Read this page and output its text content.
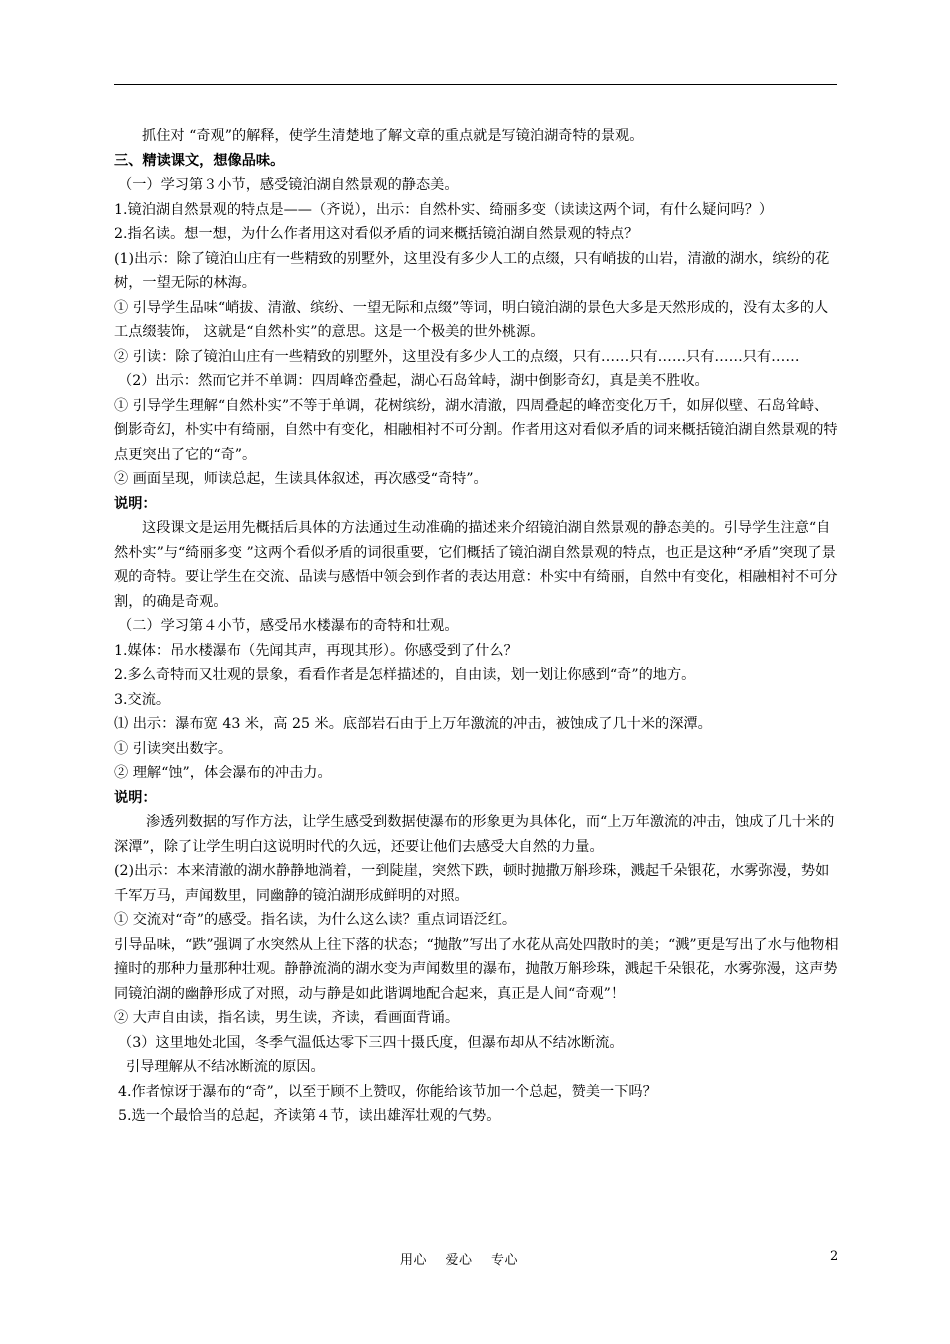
抓住对 “奇观”的解释，使学生清楚地了解文章的重点就是写镜泊湖奇特的景观。

三、精读课文，想像品味。

（一）学习第３小节，感受镜泊湖自然景观的静态美。

1.镜泊湖自然景观的特点是——（齐说），出示：自然朴实、绮丽多变（读读这两个词，有什么疑问吗？）

2.指名读。想一想，为什么作者用这对看似矛盾的词来概括镜泊湖自然景观的特点？

(1)出示：除了镜泊山庄有一些精致的别墅外，这里没有多少人工的点缀，只有峭拔的山岩，清澈的湖水，缤纷的花树，一望无际的林海。

① 引导学生品味“峭拔、清澈、缤纷、一望无际和点缀”等词，明白镜泊湖的景色大多是天然形成的，没有太多的人工点缀装饰， 这就是“自然朴实”的意思。这是一个极美的世外桃源。

② 引读：除了镜泊山庄有一些精致的别墅外，这里没有多少人工的点缀，只有……只有……只有……只有……

（2）出示：然而它并不单调：四周峰峦叠起，湖心石岛耸峙，湖中倒影奇幻，真是美不胜收。

① 引导学生理解“自然朴实”不等于单调，花树缤纷，湖水清澈，四周叠起的峰峦变化万千，如屏似壁、石岛耸峙、倒影奇幻，朴实中有绮丽，自然中有变化，相融相衬不可分割。作者用这对看似矛盾的词来概括镜泊湖自然景观的特点更突出了它的“奇”。

② 画面呈现，师读总起，生读具体叙述，再次感受“奇特”。

说明：

这段课文是运用先概括后具体的方法通过生动准确的描述来介绍镜泊湖自然景观的静态美的。引导学生注意“自然朴实”与“绮丽多变 ”这两个看似矛盾的词很重要，它们概括了镜泊湖自然景观的特点，也正是这种“矛盾”突现了景观的奇特。要让学生在交流、品读与感悟中领会到作者的表达用意：朴实中有绮丽，自然中有变化，相融相衬不可分割，的确是奇观。

（二）学习第４小节，感受吊水楼瀑布的奇特和壮观。

1.媒体：吊水楼瀑布（先闻其声，再现其形）。你感受到了什么？

2.多么奇特而又壮观的景象，看看作者是怎样描述的，自由读，划一划让你感到“奇”的地方。

3.交流。

⑴ 出示：瀑布宽 43 米，高 25 米。底部岩石由于上万年激流的冲击，被蚀成了几十米的深潭。

① 引读突出数字。

② 理解“蚀”，体会瀑布的冲击力。

说明：

渗透列数据的写作方法，让学生感受到数据使瀑布的形象更为具体化，而“上万年激流的冲击，蚀成了几十米的深潭”，除了让学生明白这说明时代的久远，还要让他们去感受大自然的力量。

(2)出示：本来清澈的湖水静静地淌着，一到陡崖，突然下跌，顿时抛撒万斛珍珠，溅起千朵银花，水雾弥漫，势如千军万马，声闻数里，同幽静的镜泊湖形成鲜明的对照。

① 交流对“奇”的感受。指名读，为什么这么读？重点词语泛红。

引导品味，“跌”强调了水突然从上往下落的状态；“抛散”写出了水花从高处四散时的美；“溅”更是写出了水与他物相撞时的那种力量那种壮观。静静流淌的湖水变为声闻数里的瀑布，抛散万斛珍珠，溅起千朵银花，水雾弥漫，这声势同镜泊湖的幽静形成了对照，动与静是如此谐调地配合起来，真正是人间“奇观”！

② 大声自由读，指名读，男生读，齐读，看画面背诵。

（3）这里地处北国，冬季气温低达零下三四十摄氏度，但瀑布却从不结冰断流。

引导理解从不结冰断流的原因。

4.作者惊讶于瀑布的“奇”，以至于顾不上赞叹，你能给该节加一个总起，赞美一下吗？

5.选一个最恰当的总起，齐读第４节，读出雄浑壮观的气势。

用心    爱心    专心	2
